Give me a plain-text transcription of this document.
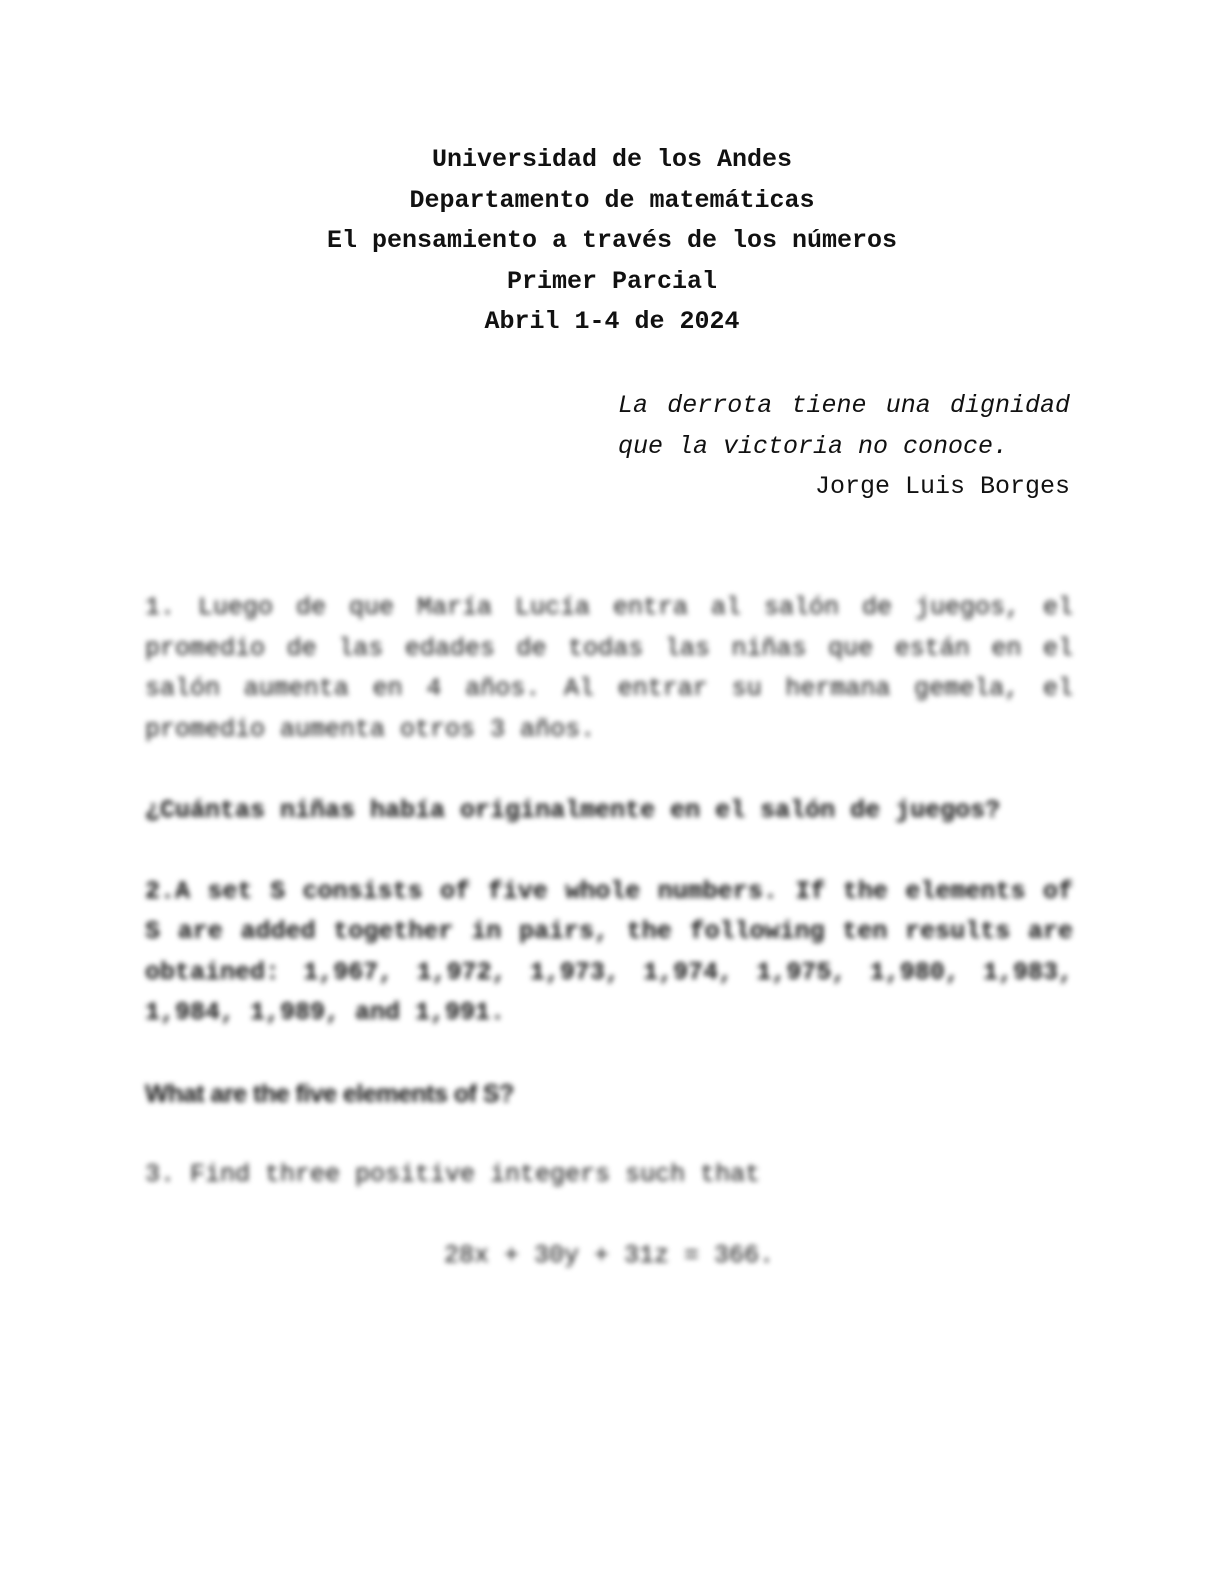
Universidad de los Andes
Departamento de matemáticas
El pensamiento a través de los números
Primer Parcial
Abril 1-4 de 2024
La derrota tiene una dignidad que la victoria no conoce.
Jorge Luis Borges

1. Luego de que María Lucía entra al salón de juegos, el promedio de las edades de todas las niñas que están en el salón aumenta en 4 años. Al entrar su hermana gemela, el promedio aumenta otros 3 años.

¿Cuántas niñas había originalmente en el salón de juegos?

2.A set S consists of five whole numbers. If the elements of S are added together in pairs, the following ten results are obtained: 1,967, 1,972, 1,973, 1,974, 1,975, 1,980, 1,983, 1,984, 1,989, and 1,991.

What are the five elements of S?

3. Find three positive integers such that

28x + 30y + 31z = 366.
